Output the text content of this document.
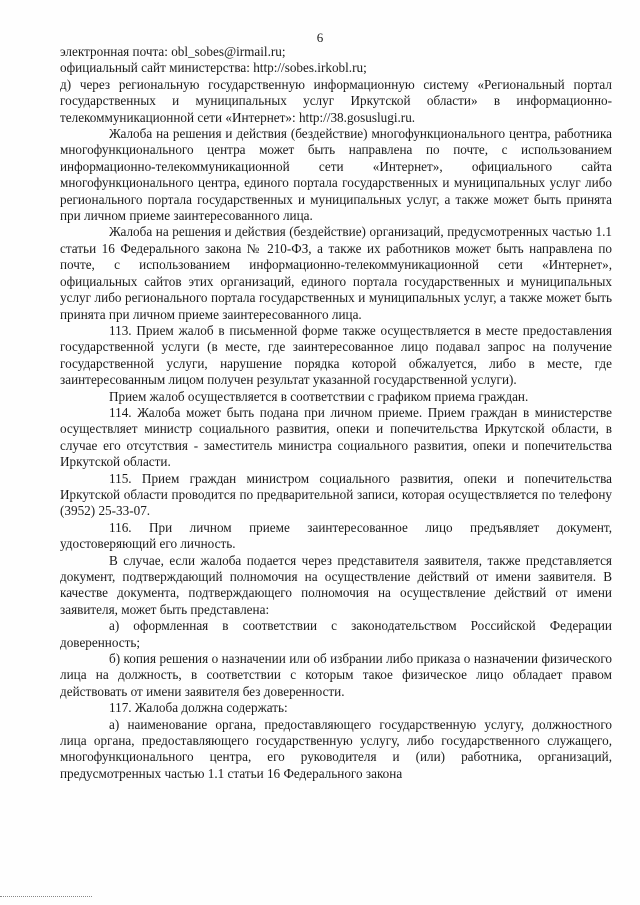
6

электронная почта: obl_sobes@irmail.ru;

официальный сайт министерства: http://sobes.irkobl.ru;

д) через региональную государственную информационную систему «Региональный портал государственных и муниципальных услуг Иркутской области» в информационно-телекоммуникационной сети «Интернет»: http://38.gosuslugi.ru.

Жалоба на решения и действия (бездействие) многофункционального центра, работника многофункционального центра может быть направлена по почте, с использованием информационно-телекоммуникационной сети «Интернет», официального сайта многофункционального центра, единого портала государственных и муниципальных услуг либо регионального портала государственных и муниципальных услуг, а также может быть принята при личном приеме заинтересованного лица.

Жалоба на решения и действия (бездействие) организаций, предусмотренных частью 1.1 статьи 16 Федерального закона № 210-ФЗ, а также их работников может быть направлена по почте, с использованием информационно-телекоммуникационной сети «Интернет», официальных сайтов этих организаций, единого портала государственных и муниципальных услуг либо регионального портала государственных и муниципальных услуг, а также может быть принята при личном приеме заинтересованного лица.

113. Прием жалоб в письменной форме также осуществляется в месте предоставления государственной услуги (в месте, где заинтересованное лицо подавал запрос на получение государственной услуги, нарушение порядка которой обжалуется, либо в месте, где заинтересованным лицом получен результат указанной государственной услуги).

Прием жалоб осуществляется в соответствии с графиком приема граждан.

114. Жалоба может быть подана при личном приеме. Прием граждан в министерстве осуществляет министр социального развития, опеки и попечительства Иркутской области, в случае его отсутствия - заместитель министра социального развития, опеки и попечительства Иркутской области.

115. Прием граждан министром социального развития, опеки и попечительства Иркутской области проводится по предварительной записи, которая осуществляется по телефону (3952) 25-33-07.

116. При личном приеме заинтересованное лицо предъявляет документ, удостоверяющий его личность.

В случае, если жалоба подается через представителя заявителя, также представляется документ, подтверждающий полномочия на осуществление действий от имени заявителя. В качестве документа, подтверждающего полномочия на осуществление действий от имени заявителя, может быть представлена:

а) оформленная в соответствии с законодательством Российской Федерации доверенность;

б) копия решения о назначении или об избрании либо приказа о назначении физического лица на должность, в соответствии с которым такое физическое лицо обладает правом действовать от имени заявителя без доверенности.

117. Жалоба должна содержать:

а) наименование органа, предоставляющего государственную услугу, должностного лица органа, предоставляющего государственную услугу, либо государственного служащего, многофункционального центра, его руководителя и (или) работника, организаций, предусмотренных частью 1.1 статьи 16 Федерального закона
